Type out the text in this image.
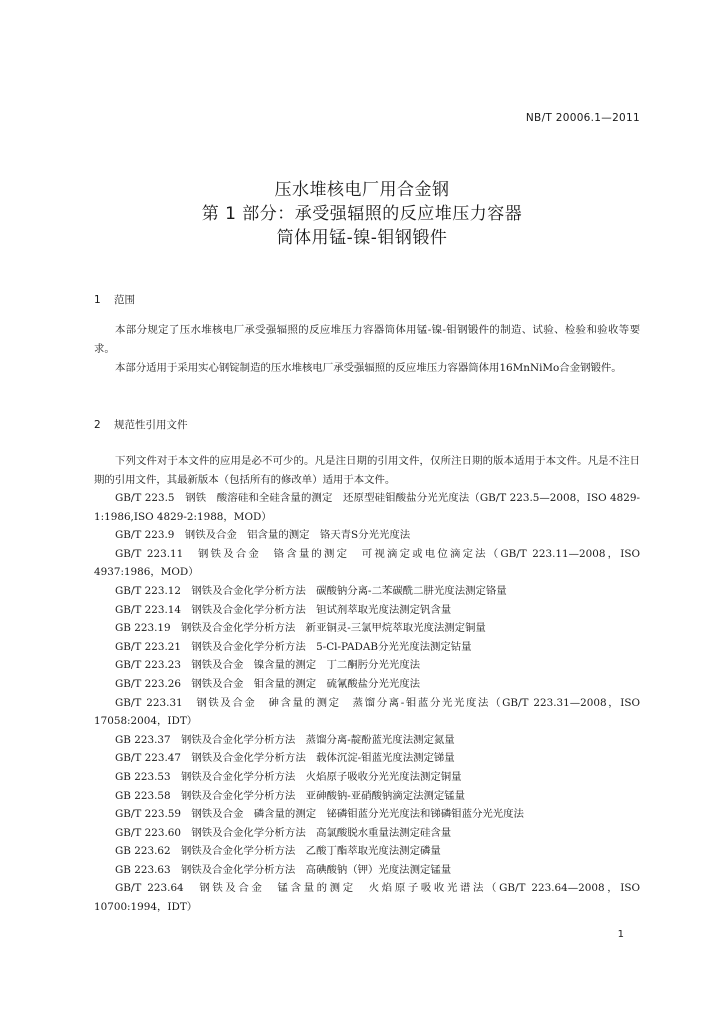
NB/T 20006.1—2011
压水堆核电厂用合金钢
第 1 部分：承受强辐照的反应堆压力容器
筒体用锰-镍-钼钢锻件
1 范围
本部分规定了压水堆核电厂承受强辐照的反应堆压力容器筒体用锰-镍-钼钢锻件的制造、试验、检验和验收等要求。
本部分适用于采用实心钢锭制造的压水堆核电厂承受强辐照的反应堆压力容器筒体用16MnNiMo合金钢锻件。
2 规范性引用文件
下列文件对于本文件的应用是必不可少的。凡是注日期的引用文件，仅所注日期的版本适用于本文件。凡是不注日期的引用文件，其最新版本（包括所有的修改单）适用于本文件。
GB/T 223.5　钢铁　酸溶硅和全硅含量的测定　还原型硅钼酸盐分光光度法（GB/T 223.5—2008，ISO 4829-1:1986,ISO 4829-2:1988，MOD）
GB/T 223.9　钢铁及合金　铝含量的测定　铬天青S分光光度法
GB/T 223.11　钢铁及合金　铬含量的测定　可视滴定或电位滴定法（GB/T 223.11—2008，ISO 4937:1986，MOD）
GB/T 223.12　钢铁及合金化学分析方法　碳酸钠分离-二苯碳酰二肼光度法测定铬量
GB/T 223.14　钢铁及合金化学分析方法　钽试剂萃取光度法测定钒含量
GB 223.19　钢铁及合金化学分析方法　新亚铜灵-三氯甲烷萃取光度法测定铜量
GB/T 223.21　钢铁及合金化学分析方法　5-Cl-PADAB分光光度法测定钴量
GB/T 223.23　钢铁及合金　镍含量的测定　丁二酮肟分光光度法
GB/T 223.26　钢铁及合金　钼含量的测定　硫氰酸盐分光光度法
GB/T 223.31　钢铁及合金　砷含量的测定　蒸馏分离-钼蓝分光光度法（GB/T 223.31—2008，ISO 17058:2004，IDT）
GB 223.37　钢铁及合金化学分析方法　蒸馏分离-靛酚蓝光度法测定氮量
GB/T 223.47　钢铁及合金化学分析方法　载体沉淀-钼蓝光度法测定锑量
GB 223.53　钢铁及合金化学分析方法　火焰原子吸收分光光度法测定铜量
GB 223.58　钢铁及合金化学分析方法　亚砷酸钠-亚硝酸钠滴定法测定锰量
GB/T 223.59　钢铁及合金　磷含量的测定　铋磷钼蓝分光光度法和锑磷钼蓝分光光度法
GB/T 223.60　钢铁及合金化学分析方法　高氯酸脱水重量法测定硅含量
GB 223.62　钢铁及合金化学分析方法　乙酸丁酯萃取光度法测定磷量
GB 223.63　钢铁及合金化学分析方法　高碘酸钠（钾）光度法测定锰量
GB/T 223.64　钢铁及合金　锰含量的测定　火焰原子吸收光谱法（GB/T 223.64—2008，ISO 10700:1994，IDT）
1
